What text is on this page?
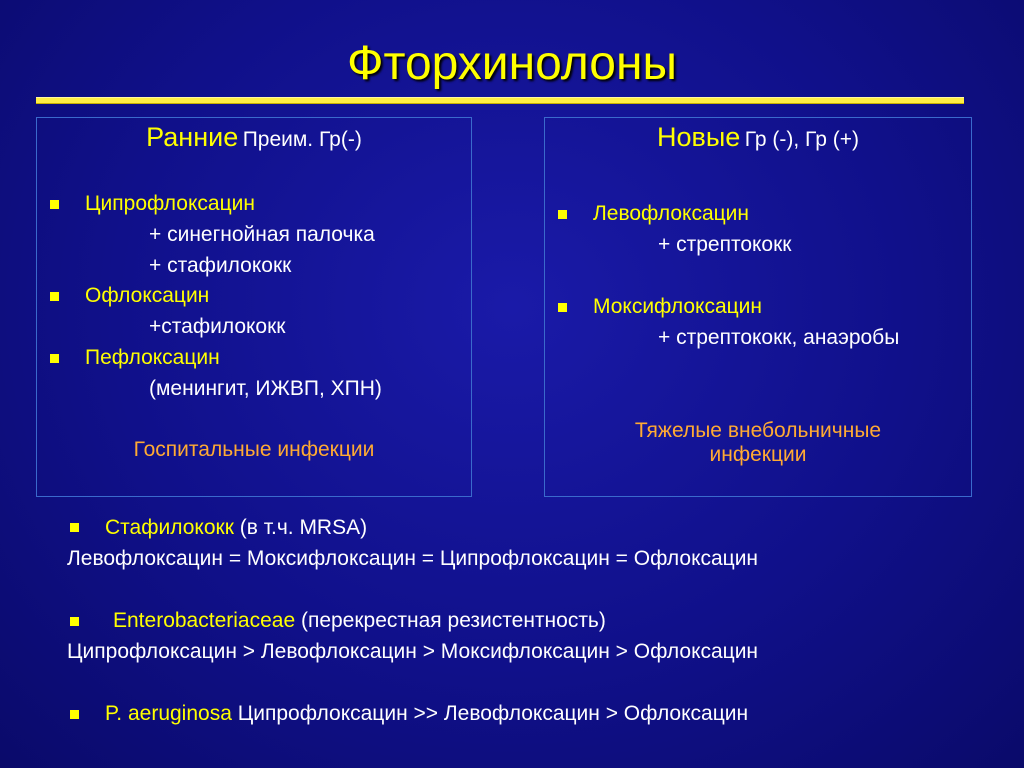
Фторхинолоны
Ранние Преим. Гр(-)
Ципрофлоксацин
+ синегнойная палочка
+ стафилококк
Офлоксацин
+стафилококк
Пефлоксацин
(менингит, ИЖВП, ХПН)
Госпитальные инфекции
Новые Гр (-), Гр (+)
Левофлоксацин
+ стрептококк
Моксифлоксацин
+ стрептококк, анаэробы
Тяжелые внебольничные
инфекции
Стафилококк (в т.ч. MRSA)
Левофлоксацин = Моксифлоксацин = Ципрофлоксацин = Офлоксацин
Enterobacteriaceae (перекрестная резистентность)
Ципрофлоксацин > Левофлоксацин > Моксифлоксацин > Офлоксацин
P. aeruginosa Ципрофлоксацин >> Левофлоксацин > Офлоксацин
